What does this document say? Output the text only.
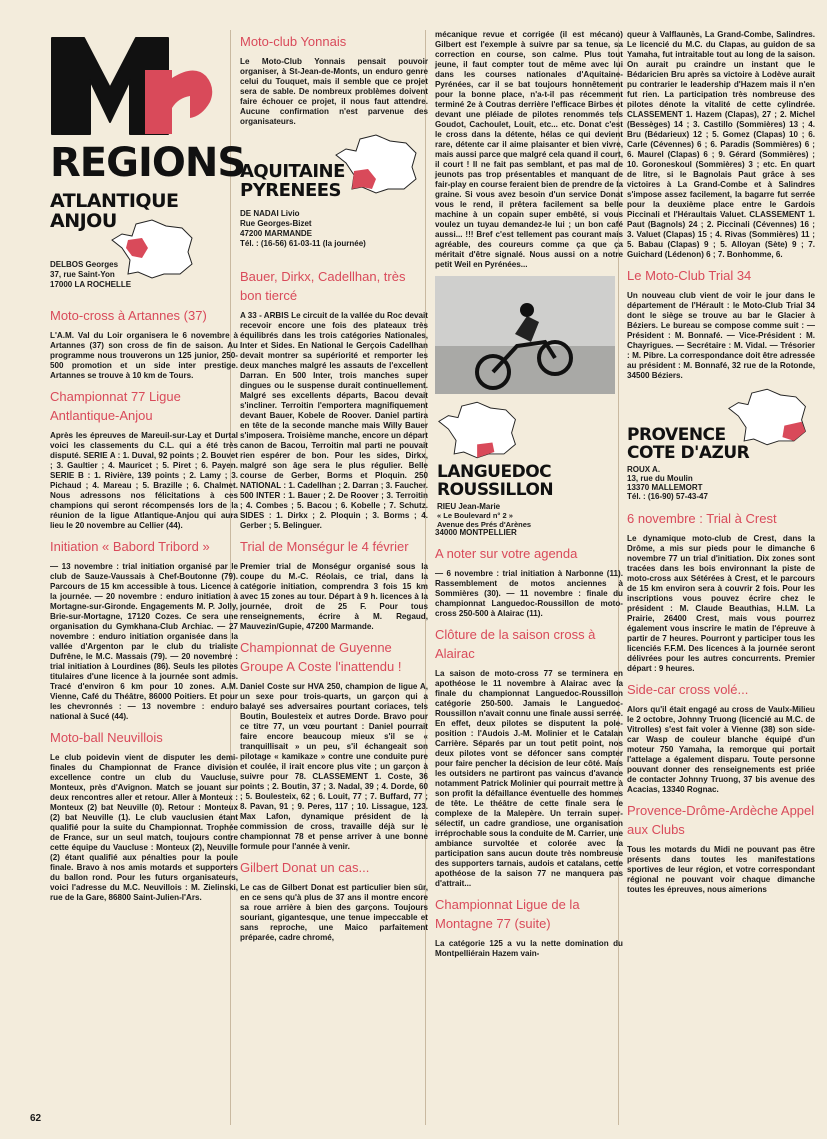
REGIONS
ATLANTIQUE
ANJOU
DELBOS Georges
37, rue Saint-Yon
17000 LA ROCHELLE
Moto-cross à Artannes (37)

L'A.M. Val du Loir organisera le 6 novembre à Artannes (37) son cross de fin de saison. Au programme nous trouverons un 125 junior, 250-500 promotion et un side inter prestige. Artannes se trouve à 10 km de Tours.

Championnat 77 Ligue Antlantique-Anjou

Après les épreuves de Mareuil-sur-Lay et Durtal voici les classements du C.L. qui a été très disputé. SERIE A : 1. Duval, 92 points ; 2. Bouvet ; 3. Gaultier ; 4. Mauricet ; 5. Piret ; 6. Payen. SERIE B : 1. Rivière, 139 points ; 2. Lamy ; 3. Pichaud ; 4. Mareau ; 5. Brazille ; 6. Chalmet. Nous adressons nos félicitations à ces champions qui seront récompensés lors de la réunion de la ligue Atlantique-Anjou qui aura lieu le 20 novembre au Cellier (44).

Initiation « Babord Tribord »

— 13 novembre : trial initiation organisé par le club de Sauze-Vaussais à Chef-Boutonne (79). Parcours de 15 km accessible à tous. Licence à la journée. — 20 novembre : enduro initiation à Mortagne-sur-Gironde. Engagements M. P. Jolly, Brie-sur-Mortagne, 17120 Cozes. Ce sera une organisation du Gymkhana-Club Archiac. — 27 novembre : enduro initiation organisée dans la vallée d'Argenton par le club du trialiste Dufrêne, le M.C. Massais (79). — 20 novembre : trial initiation à Lourdines (86). Seuls les pilotes titulaires d'une licence à la journée sont admis. Tracé d'environ 6 km pour 10 zones. A.M. Vienne, Café du Théâtre, 86000 Poitiers. Et pour les chevronnés : — 13 novembre : enduro national à Sucé (44).

Moto-ball Neuvillois

Le club poidevin vient de disputer les demi-finales du Championnat de France division excellence contre un club du Vaucluse, Monteux, près d'Avignon. Match se jouant sur deux rencontres aller et retour. Aller à Monteux : Monteux (2) bat Neuville (0). Retour : Monteux (2) bat Neuville (1). Le club vauclusien étant qualifié pour la suite du Championnat. Trophée de France, sur un seul match, toujours contre cette équipe du Vaucluse : Monteux (2), Neuville (2) étant qualifié aux pénalties pour la poule finale. Bravo à nos amis motards et supporters du ballon rond. Pour les futurs organisateurs, voici l'adresse du M.C. Neuvillois : M. Zielinski, rue de la Gare, 86800 Saint-Julien-l'Ars.

Moto-club Yonnais

Le Moto-Club Yonnais pensait pouvoir organiser, à St-Jean-de-Monts, un enduro genre celui du Touquet, mais il semble que ce projet sera de sable. De nombreux problèmes doivent faire échouer ce projet, il nous faut attendre. Aucune confirmation n'est parvenue des organisateurs.

AQUITAINE
PYRENEES
DE NADAI Livio
Rue Georges-Bizet
47200 MARMANDE
Tél. : (16-56) 61-03-11 (la journée)
Bauer, Dirkx, Cadellhan, très bon tiercé

A 33 - ARBIS Le circuit de la vallée du Roc devait recevoir encore une fois des plateaux très équilibrés dans les trois catégories Nationales, Inter et Sides. En National le Gerçois Cadellhan devait montrer sa supériorité et remporter les deux manches malgré les assauts de l'excellent Darran. En 500 Inter, trois manches super dingues ou le suspense durait continuellement. Malgré ses excellents départs, Bacou devait s'incliner. Terroitin l'emportera magnifiquement devant Bauer, Kobele de Roover. Daniel partira en tête de la seconde manche mais Willy Bauer s'imposera. Troisième manche, encore un départ canon de Bacou, Terroitin mal parti ne pouvait rien espérer de bon. Pour les sides, Dirkx, malgré son âge sera le plus régulier. Belle course de Gerber, Borms et Ploquin. 250 NATIONAL : 1. Cadellhan ; 2. Darran ; 3. Faucher. 500 INTER : 1. Bauer ; 2. De Roover ; 3. Terroitin ; 4. Combes ; 5. Bacou ; 6. Kobelle ; 7. Schutz. SIDES : 1. Dirkx ; 2. Ploquin ; 3. Borms ; 4. Gerber ; 5. Belinguer.

Trial de Monségur le 4 février

Premier trial de Monségur organisé sous la coupe du M.-C. Réolais, ce trial, dans la catégorie initiation, comprendra 3 fois 15 km avec 15 zones au tour. Départ à 9 h. licences à la journée, droit de 25 F. Pour tous renseignements, écrire à M. Regaud, Mauvezin/Gupie, 47200 Marmande.

Championnat de Guyenne Groupe A Coste l'inattendu !

Daniel Coste sur HVA 250, champion de ligue A, un sexe pour trois-quarts, un garçon qui a balayé ses adversaires pourtant coriaces, tels Boutin, Boulesteix et autres Dorde. Bravo pour ce titre 77, un vœu pourtant : Daniel pourrait faire encore beaucoup mieux s'il se « tranquillisait » un peu, s'il échangeait son pilotage « kamikaze » contre une conduite pure et coulée, il irait encore plus vite ; un garçon à suivre pour 78. CLASSEMENT 1. Coste, 36 points ; 2. Boutin, 37 ; 3. Nadal, 39 ; 4. Dorde, 60 ; 5. Boulesteix, 62 ; 6. Louit, 77 ; 7. Buffard, 77 ; 8. Pavan, 91 ; 9. Peres, 117 ; 10. Lissague, 123. Max Lafon, dynamique président de la commission de cross, travaille déjà sur le championnat 78 et pense arriver à une bonne formule pour l'année à venir.

Gilbert Donat un cas...

Le cas de Gilbert Donat est particulier bien sûr, en ce sens qu'à plus de 37 ans il montre encore sa roue arrière à bien des garçons. Toujours souriant, gigantesque, une tenue impeccable et sans reproche, une Maico parfaitement préparée, cadre chromé,

mécanique revue et corrigée (il est mécano) Gilbert est l'exemple à suivre par sa tenue, sa correction en course, son calme. Plus tout jeune, il faut compter tout de même avec lui dans les courses nationales d'Aquitaine-Pyrénées, car il se bat toujours honnêtement pour la bonne place, n'a-t-il pas récemment terminé 2e à Coutras derrière l'efficace Birbes et devant une pléiade de pilotes renommés tels Goudot, Cachoulet, Louit, etc... etc. Donat c'est le cross dans la détente, hélas ce qui devient rare, détente car il aime plaisanter et bien vivre, mais aussi parce que malgré cela quand il court, il court ! Il ne fait pas semblant, et pas mal de jeunots pas trop présentables et manquant de fair-play en course feraient bien de prendre de la graine. Si vous avez besoin d'un service Donat vous le rend, il prêtera facilement sa belle machine à un copain super embêté, si vous voulez un tuyau demandez-le lui ; un bon café aussi... !!! Bref c'est tellement pas courant mais agréable, des coureurs comme ça que ça méritait d'être signalé. Nous aussi on a notre petit Weil en Pyrénées...

LANGUEDOC
ROUSSILLON
RIEU Jean-Marie
« Le Boulevard n° 2 »
Avenue des Prés d'Arènes
34000 MONTPELLIER
A noter sur votre agenda

— 6 novembre : trial initiation à Narbonne (11). Rassemblement de motos anciennes à Sommières (30). — 11 novembre : finale du championnat Languedoc-Roussillon de moto-cross 250-500 à Alairac (11).

Clôture de la saison cross à Alairac

La saison de moto-cross 77 se terminera en apothéose le 11 novembre à Alairac avec la finale du championnat Languedoc-Roussillon catégorie 250-500. Jamais le Languedoc-Roussillon n'avait connu une finale aussi serrée. En effet, deux pilotes se disputent la pole-position : l'Audois J.-M. Molinier et le Catalan Carrière. Séparés par un tout petit point, nos deux pilotes vont se défoncer sans compter pour faire pencher la décision de leur côté. Mais les outsiders ne partiront pas vaincus d'avance notamment Patrick Molinier qui pourrait mettre à son profit la défaillance éventuelle des hommes de tête. Le théâtre de cette finale sera le complexe de la Malepère. Un terrain super-sélectif, un cadre grandiose, une organisation irréprochable sous la conduite de M. Carrier, une ambiance survoltée et colorée avec la participation sans aucun doute très nombreuse des supporters tarnais, audois et catalans, cette apothéose de la saison 77 ne manquera pas d'attrait...

Championnat Ligue de la Montagne 77 (suite)

La catégorie 125 a vu la nette domination du Montpelliérain Hazem vain-

queur à Valflaunès, La Grand-Combe, Salindres. Le licencié du M.C. du Clapas, au guidon de sa Yamaha, fut intraitable tout au long de la saison. On aurait pu craindre un instant que le Bédaricien Bru après sa victoire à Lodève aurait pu contrarier le leadership d'Hazem mais il n'en fut rien. La participation très nombreuse des pilotes dénote la vitalité de cette cylindrée. CLASSEMENT 1. Hazem (Clapas), 27 ; 2. Michel (Bessèges) 14 ; 3. Castillo (Sommières) 13 ; 4. Bru (Bédarieux) 12 ; 5. Gomez (Clapas) 10 ; 6. Carle (Cévennes) 6 ; 6. Paradis (Sommières) 6 ; 6. Maurel (Clapas) 6 ; 9. Gérard (Sommières) ; 10. Goroneskoul (Sommières) 3 ; etc. En quart de litre, si le Bagnolais Paut grâce à ses victoires à La Grand-Combe et à Salindres s'impose assez facilement, la bagarre fut serrée pour la deuxième place entre le Gardois Piccinali et l'Héraultais Valuet. CLASSEMENT 1. Paut (Bagnols) 24 ; 2. Piccinali (Cévennes) 16 ; 3. Valuet (Clapas) 15 ; 4. Rivas (Sommières) 11 ; 5. Babau (Clapas) 9 ; 5. Alloyan (Sète) 9 ; 7. Guichard (Lédenon) 6 ; 7. Bonhomme, 6.

Le Moto-Club Trial 34

Un nouveau club vient de voir le jour dans le département de l'Hérault : le Moto-Club Trial 34 dont le siège se trouve au bar le Glacier à Béziers. Le bureau se compose comme suit : — Président : M. Bonnafé. — Vice-Président : M. Chayrigues. — Secrétaire : M. Vidal. — Trésorier : M. Pibre. La correspondance doit être adressée au président : M. Bonnafé, 32 rue de la Rotonde, 34500 Béziers.

PROVENCE
COTE D'AZUR
ROUX A.
13, rue du Moulin
13370 MALLEMORT
Tél. : (16-90) 57-43-47
6 novembre : Trial à Crest

Le dynamique moto-club de Crest, dans la Drôme, a mis sur pieds pour le dimanche 6 novembre 77 un trial d'initiation. Dix zones sont tracées dans les bois environnant la piste de moto-cross aux Sétérées à Crest, et le parcours de 15 km environ sera à couvrir 2 fois. Pour les inscriptions vous pouvez écrire chez le président : M. Claude Beauthias, H.LM. La Prairie, 26400 Crest, mais vous pourrez également vous inscrire le matin de l'épreuve à partir de 7 heures. Pourront y participer tous les licenciés F.F.M. Des licences à la journée seront délivrées pour les autres concurrents. Premier départ : 9 heures.

Side-car cross volé...

Alors qu'il était engagé au cross de Vaulx-Milieu le 2 octobre, Johnny Truong (licencié au M.C. de Vitrolles) s'est fait voler à Vienne (38) son side-car Wasp de couleur blanche équipé d'un moteur 750 Yamaha, la remorque qui portait l'attelage a également disparu. Toute personne pouvant donner des renseignements est priée de contacter Johnny Truong, 37 bis avenue des Acacias, 13340 Rognac.

Provence-Drôme-Ardèche Appel aux Clubs

Tous les motards du Midi ne pouvant pas être présents dans toutes les manifestations sportives de leur région, et votre correspondant régional ne pouvant voir chaque dimanche toutes les épreuves, nous aimerions

62
